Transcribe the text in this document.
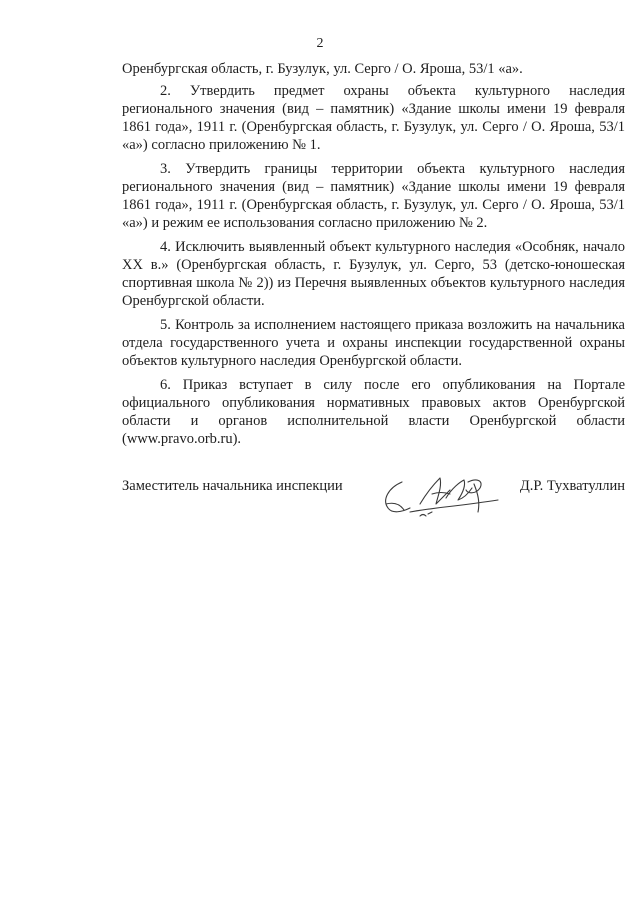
2

Оренбургская область, г. Бузулук, ул. Серго / О. Яроша, 53/1 «а».

2. Утвердить предмет охраны объекта культурного наследия регионального значения (вид – памятник) «Здание школы имени 19 февраля 1861 года», 1911 г. (Оренбургская область, г. Бузулук, ул. Серго / О. Яроша, 53/1 «а») согласно приложению № 1.

3. Утвердить границы территории объекта культурного наследия регионального значения (вид – памятник) «Здание школы имени 19 февраля 1861 года», 1911 г. (Оренбургская область, г. Бузулук, ул. Серго / О. Яроша, 53/1 «а») и режим ее использования согласно приложению № 2.

4. Исключить выявленный объект культурного наследия «Особняк, начало XX в.» (Оренбургская область, г. Бузулук, ул. Серго, 53 (детско-юношеская спортивная школа № 2)) из Перечня выявленных объектов культурного наследия Оренбургской области.

5. Контроль за исполнением настоящего приказа возложить на начальника отдела государственного учета и охраны инспекции государственной охраны объектов культурного наследия Оренбургской области.

6. Приказ вступает в силу после его опубликования на Портале официального опубликования нормативных правовых актов Оренбургской области и органов исполнительной власти Оренбургской области (www.pravo.orb.ru).

Заместитель начальника инспекции	Д.Р. Тухватуллин
